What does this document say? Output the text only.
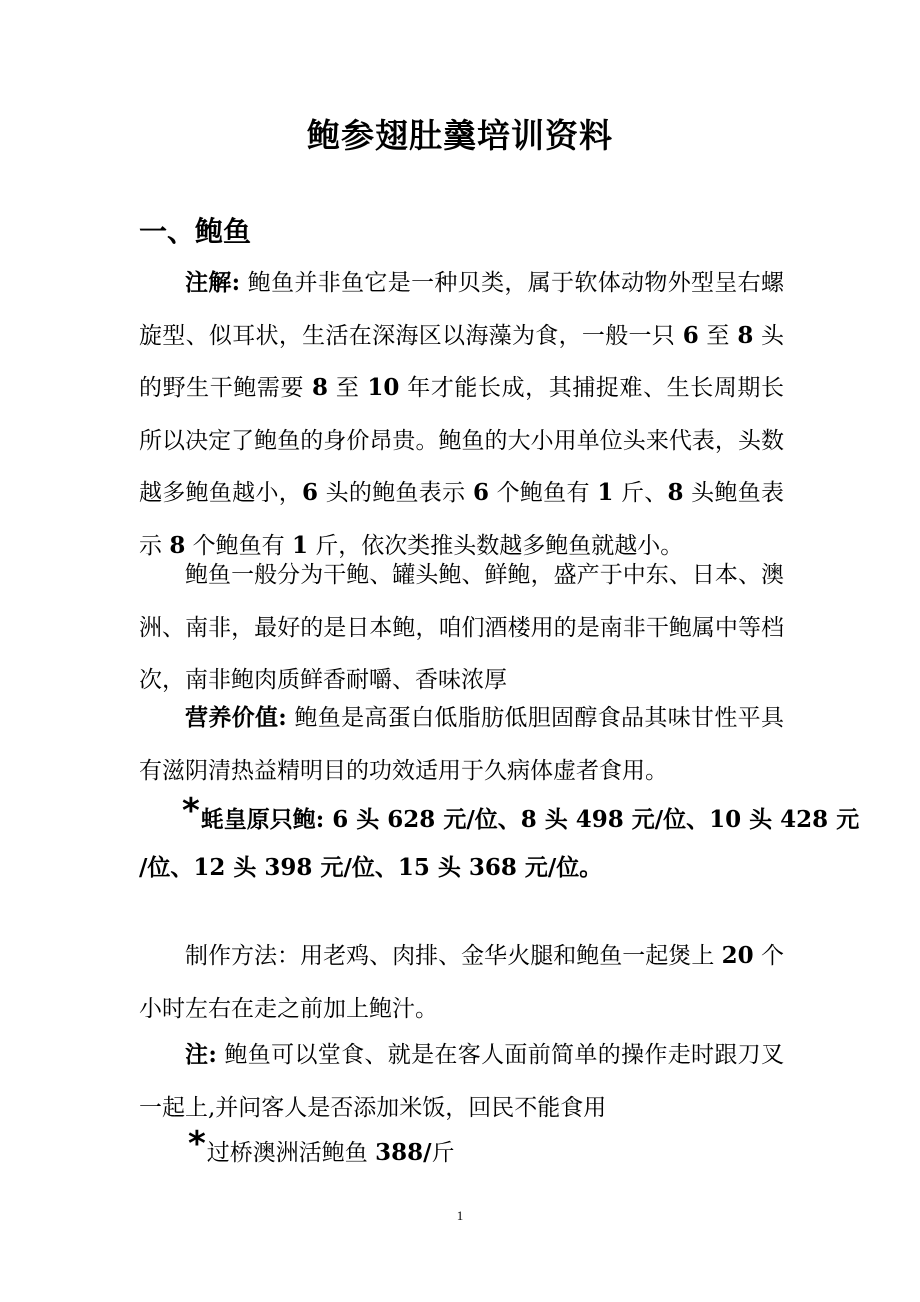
鲍参翅肚羹培训资料
一、鲍鱼

注解: 鲍鱼并非鱼它是一种贝类，属于软体动物外型呈右螺旋型、似耳状，生活在深海区以海藻为食，一般一只 6 至 8 头的野生干鲍需要 8 至 10 年才能长成，其捕捉难、生长周期长所以决定了鲍鱼的身价昂贵。鲍鱼的大小用单位头来代表，头数越多鲍鱼越小，6 头的鲍鱼表示 6 个鲍鱼有 1 斤、8 头鲍鱼表示 8 个鲍鱼有 1 斤，依次类推头数越多鲍鱼就越小。

鲍鱼一般分为干鲍、罐头鲍、鲜鲍，盛产于中东、日本、澳洲、南非，最好的是日本鲍，咱们酒楼用的是南非干鲍属中等档次，南非鲍肉质鲜香耐嚼、香味浓厚

营养价值: 鲍鱼是高蛋白低脂肪低胆固醇食品其味甘性平具有滋阴清热益精明目的功效适用于久病体虚者食用。

*蚝皇原只鲍: 6 头 628 元/位、8 头 498 元/位、10 头 428 元
/位、12 头 398 元/位、15 头 368 元/位。

制作方法：用老鸡、肉排、金华火腿和鲍鱼一起煲上 20 个小时左右在走之前加上鲍汁。

注: 鲍鱼可以堂食、就是在客人面前简单的操作走时跟刀叉一起上,并问客人是否添加米饭，回民不能食用

*过桥澳洲活鲍鱼 388/斤
1
